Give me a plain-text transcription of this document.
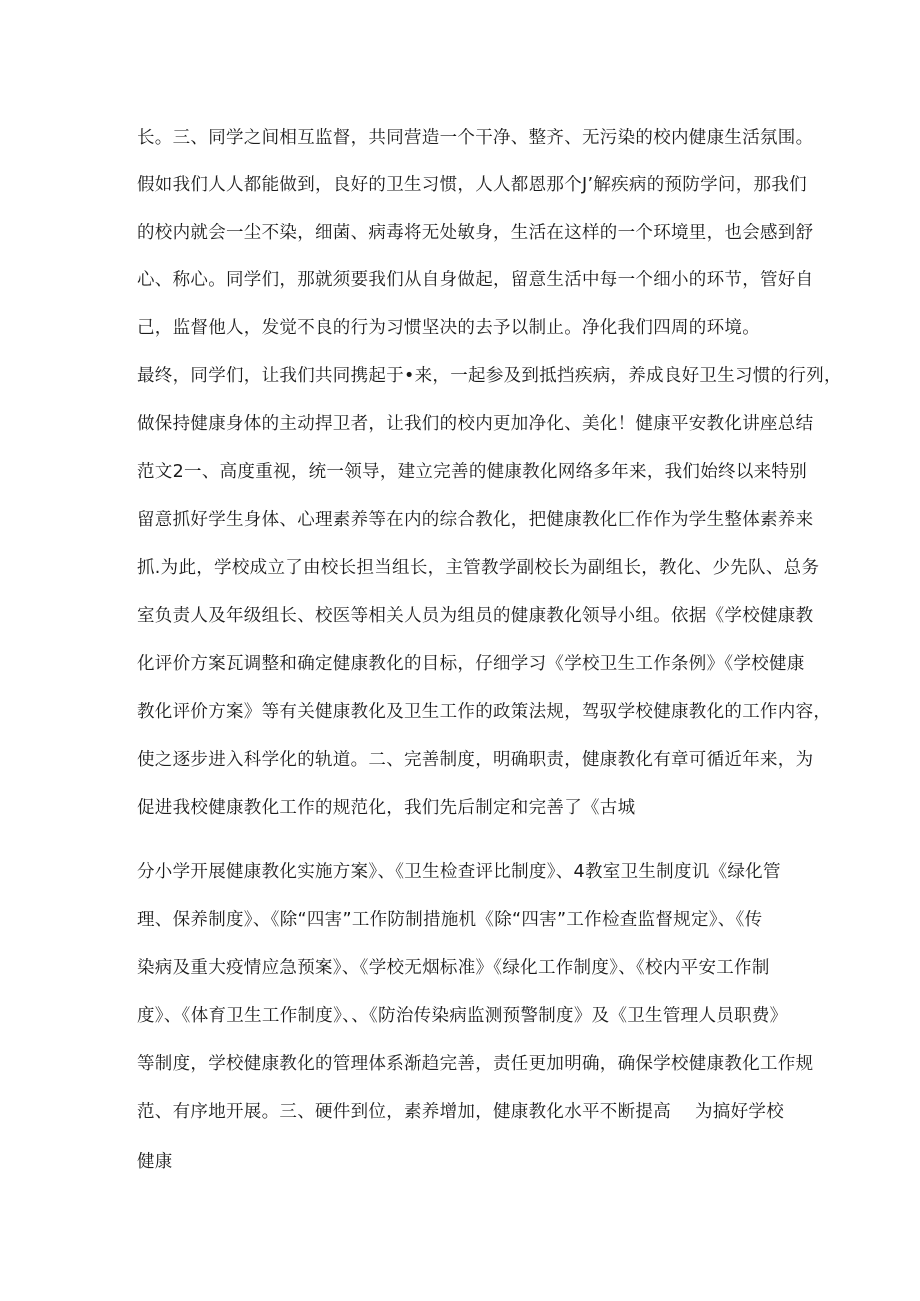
长。三、同学之间相互监督，共同营造一个干净、整齐、无污染的校内健康生活氛围。
假如我们人人都能做到，良好的卫生习惯，人人都恩那个J’解疾病的预防学问，那我们
的校内就会一尘不染，细菌、病毒将无处敏身，生活在这样的一个环境里，也会感到舒
心、称心。同学们，那就须要我们从自身做起，留意生活中每一个细小的环节，管好自
己，监督他人，发觉不良的行为习惯坚决的去予以制止。净化我们四周的环境。
最终，同学们，让我们共同携起于•来，一起参及到抵挡疾病，养成良好卫生习惯的行列，
做保持健康身体的主动捍卫者，让我们的校内更加净化、美化！健康平安教化讲座总结
范文2一、高度重视，统一领导，建立完善的健康教化网络多年来，我们始终以来特别
留意抓好学生身体、心理素养等在内的综合教化，把健康教化匚作作为学生整体素养来
抓.为此，学校成立了由校长担当组长，主管教学副校长为副组长，教化、少先队、总务
室负责人及年级组长、校医等相关人员为组员的健康教化领导小组。依据《学校健康教
化评价方案瓦调整和确定健康教化的目标，仔细学习《学校卫生工作条例》《学校健康
教化评价方案》等有关健康教化及卫生工作的政策法规，驾驭学校健康教化的工作内容，
使之逐步进入科学化的轨道。二、完善制度，明确职责，健康教化有章可循近年来，为
促进我校健康教化工作的规范化，我们先后制定和完善了《古城
分小学开展健康教化实施方案》、《卫生检查评比制度》、4教室卫生制度讥《绿化管
理、保养制度》、《除“四害”工作防制措施机《除“四害”工作检查监督规定》、《传
染病及重大疫情应急预案》、《学校无烟标准》《绿化工作制度》、《校内平安工作制
度》、《体育卫生工作制度》、、《防治传染病监测预警制度》及《卫生管理人员职费》
等制度，学校健康教化的管理体系渐趋完善，责任更加明确，确保学校健康教化工作规
范、有序地开展。三、硬件到位，素养增加，健康教化水平不断提高 为搞好学校
健康
